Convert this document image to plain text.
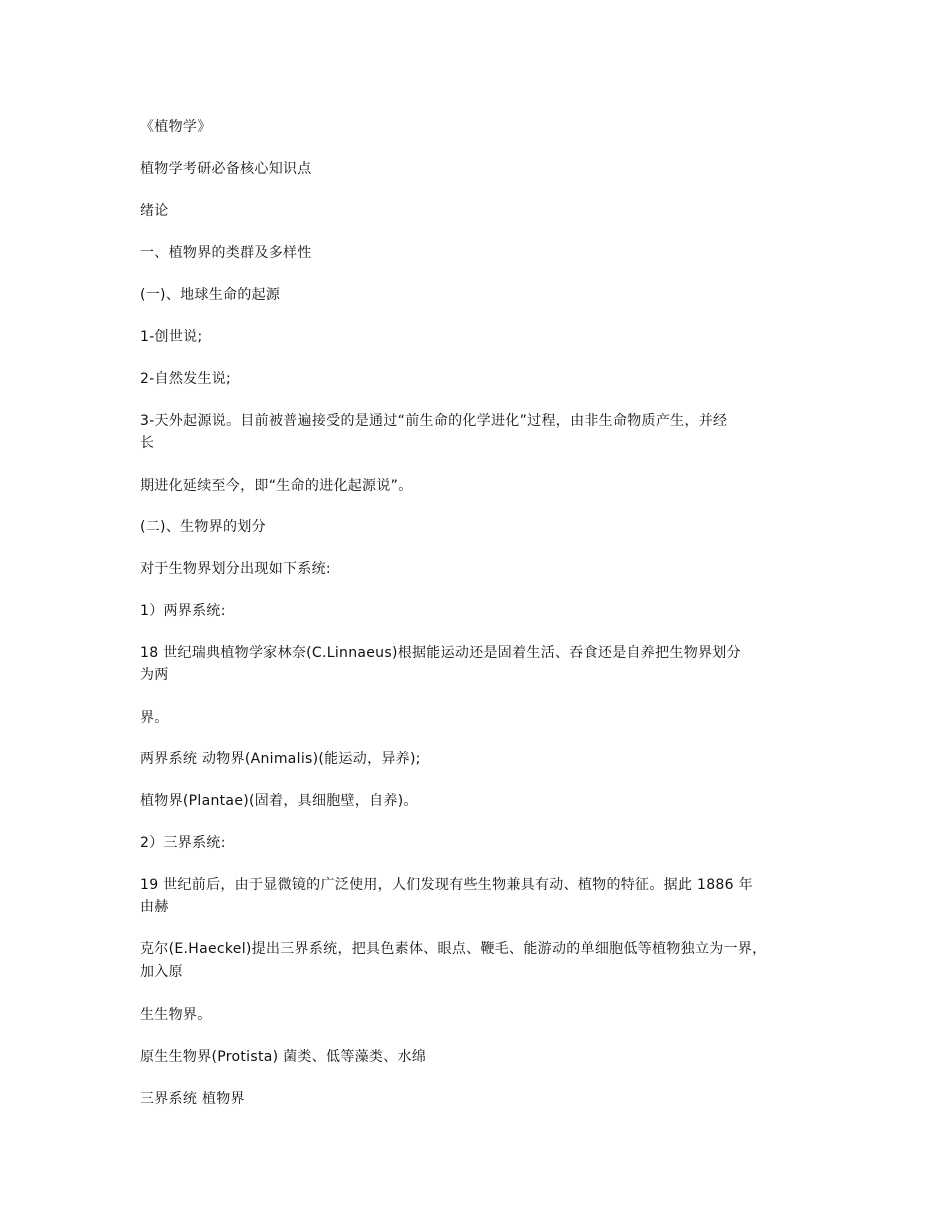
《植物学》
植物学考研必备核心知识点
绪论
一、植物界的类群及多样性
(一)、地球生命的起源
1-创世说;
2-自然发生说;
3-天外起源说。目前被普遍接受的是通过“前生命的化学进化”过程，由非生命物质产生，并经
长
期进化延续至今，即“生命的进化起源说”。
(二)、生物界的划分
对于生物界划分出现如下系统:
1）两界系统:
18 世纪瑞典植物学家林奈(C.Linnaeus)根据能运动还是固着生活、吞食还是自养把生物界划分
为两
界。
两界系统 动物界(Animalis)(能运动，异养);
植物界(Plantae)(固着，具细胞壁，自养)。
2）三界系统:
19 世纪前后，由于显微镜的广泛使用，人们发现有些生物兼具有动、植物的特征。据此 1886 年
由赫
克尔(E.Haeckel)提出三界系统，把具色素体、眼点、鞭毛、能游动的单细胞低等植物独立为一界，
加入原
生生物界。
原生生物界(Protista) 菌类、低等藻类、水绵
三界系统 植物界
